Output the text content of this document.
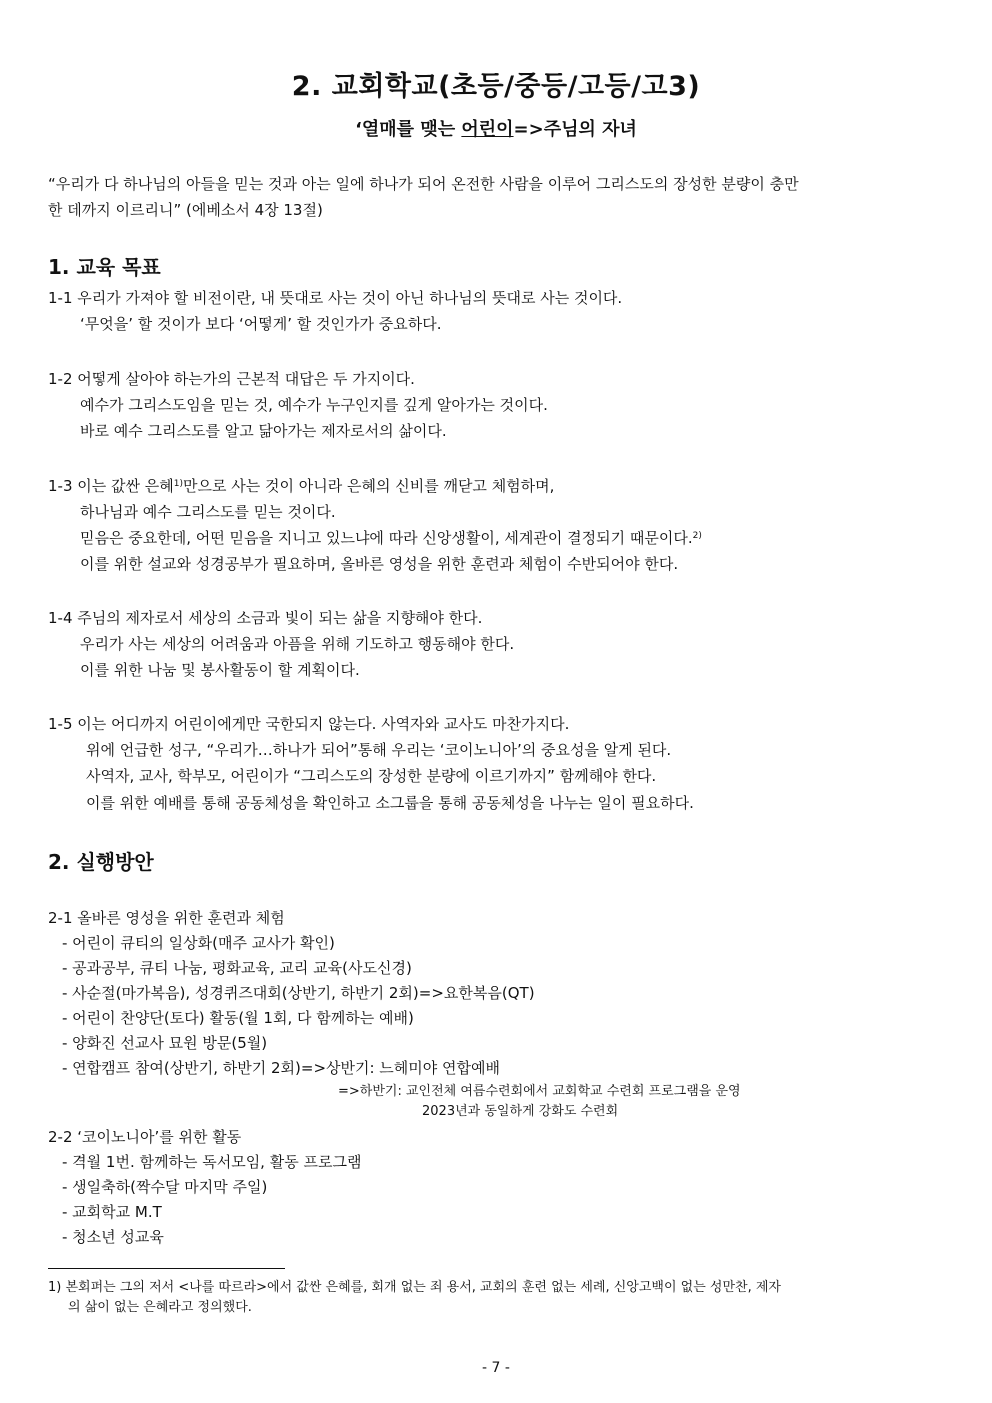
2. 교회학교(초등/중등/고등/고3)
‘열매를 맺는 어린이=>주님의 자녀
“우리가 다 하나님의 아들을 믿는 것과 아는 일에 하나가 되어 온전한 사람을 이루어 그리스도의 장성한 분량이 충만
한 데까지 이르리니” (에베소서 4장 13절)
1. 교육 목표
1-1 우리가 가져야 할 비전이란, 내 뜻대로 사는 것이 아닌 하나님의 뜻대로 사는 것이다.
‘무엇을’ 할 것이가 보다 ‘어떻게’ 할 것인가가 중요하다.
1-2 어떻게 살아야 하는가의 근본적 대답은 두 가지이다.
예수가 그리스도임을 믿는 것, 예수가 누구인지를 깊게 알아가는 것이다.
바로 예수 그리스도를 알고 닮아가는 제자로서의 삶이다.
1-3 이는 값싼 은혜$^{1)}$만으로 사는 것이 아니라 은혜의 신비를 깨닫고 체험하며,
하나님과 예수 그리스도를 믿는 것이다.
믿음은 중요한데, 어떤 믿음을 지니고 있느냐에 따라 신앙생활이, 세계관이 결정되기 때문이다.$^{2)}$
이를 위한 설교와 성경공부가 필요하며, 올바른 영성을 위한 훈련과 체험이 수반되어야 한다.
1-4 주님의 제자로서 세상의 소금과 빛이 되는 삶을 지향해야 한다.
우리가 사는 세상의 어려움과 아픔을 위해 기도하고 행동해야 한다.
이를 위한 나눔 및 봉사활동이 할 계획이다.
1-5 이는 어디까지 어린이에게만 국한되지 않는다. 사역자와 교사도 마찬가지다.
위에 언급한 성구, “우리가…하나가 되어”통해 우리는 ‘코이노니아’의 중요성을 알게 된다.
사역자, 교사, 학부모, 어린이가 “그리스도의 장성한 분량에 이르기까지” 함께해야 한다.
이를 위한 예배를 통해 공동체성을 확인하고 소그룹을 통해 공동체성을 나누는 일이 필요하다.
2. 실행방안
2-1 올바른 영성을 위한 훈련과 체험
- 어린이 큐티의 일상화(매주 교사가 확인)
- 공과공부, 큐티 나눔, 평화교육, 교리 교육(사도신경)
- 사순절(마가복음), 성경퀴즈대회(상반기, 하반기 2회)=>요한복음(QT)
- 어린이 찬양단(토다) 활동(월 1회, 다 함께하는 예배)
- 양화진 선교사 묘원 방문(5월)
- 연합캠프 참여(상반기, 하반기 2회)=>상반기: 느헤미야 연합예배
=>하반기: 교인전체 여름수련회에서 교회학교 수련회 프로그램을 운영
2023년과 동일하게 강화도 수련회
2-2 ‘코이노니아’를 위한 활동
- 격월 1번. 함께하는 독서모임, 활동 프로그램
- 생일축하(짝수달 마지막 주일)
- 교회학교 M.T
- 청소년 성교육
1) 본회퍼는 그의 저서 <나를 따르라>에서 값싼 은혜를, 회개 없는 죄 용서, 교회의 훈련 없는 세례, 신앙고백이 없는 성만찬, 제자
의 삶이 없는 은혜라고 정의했다.
- 7 -
